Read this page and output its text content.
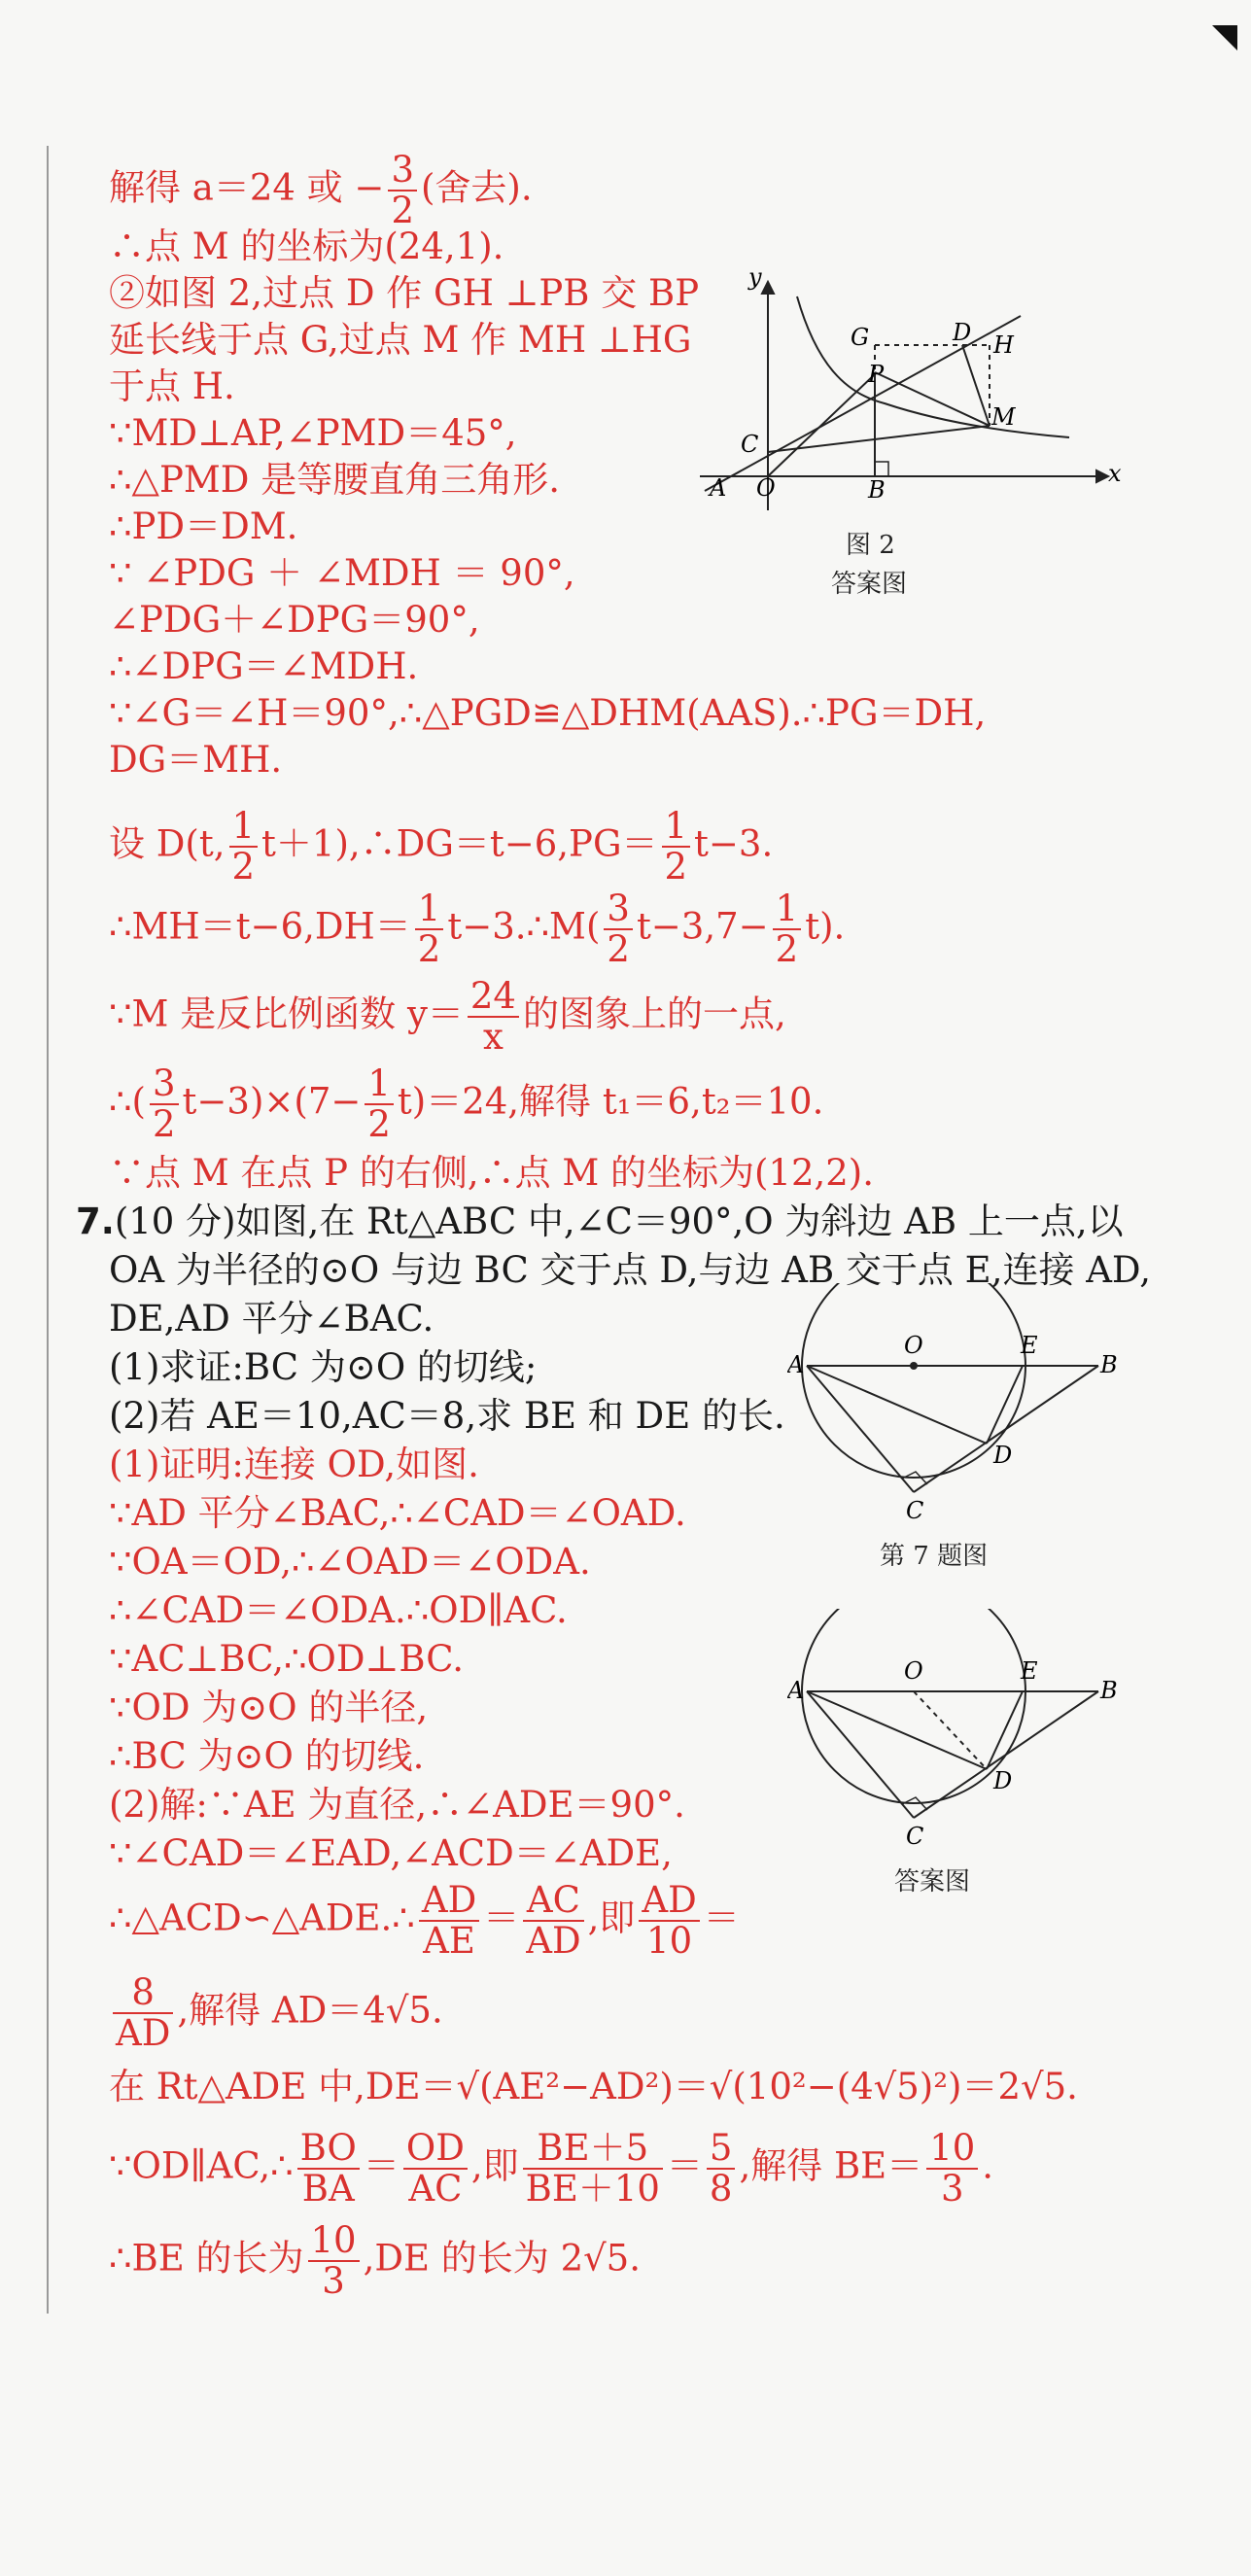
解得 a＝24 或 − $\frac{3}{2}$ (舍去).
∴点 M 的坐标为(24,1).
②如图 2,过点 D 作 GH ⊥PB 交 BP
延长线于点 G,过点 M 作 MH ⊥HG
于点 H.
∵MD⊥AP,∠PMD＝45°,
∴△PMD 是等腰直角三角形.
∴PD＝DM.
∵ ∠PDG ＋ ∠MDH ＝ 90°,
∠PDG＋∠DPG＝90°,
∴∠DPG＝∠MDH.
∵∠G＝∠H＝90°,∴△PGD≌△DHM(AAS).∴PG＝DH,
DG＝MH.
设 D(t, $\frac{1}{2}$ t＋1),∴DG＝t−6,PG＝ $\frac{1}{2} t-3$.
∴MH＝t−6,DH＝ $\frac{1}{2}$ t−3.∴M( $\frac{3}{2} t-3,7- \frac{1}{2} t$).
∵M 是反比例函数 $y= \frac{24}{x}$ 的图象上的一点,
∴( $\frac{3}{2} t-3)\times(7- \frac{1}{2} t)=24$,解得 t₁＝6,t₂＝10.
∵点 M 在点 P 的右侧,∴点 M 的坐标为(12,2).
7.(10 分)如图,在 Rt△ABC 中,∠C＝90°,O 为斜边 AB 上一点,以
OA 为半径的⊙O 与边 BC 交于点 D,与边 AB 交于点 E,连接 AD,
DE,AD 平分∠BAC.
(1)求证:BC 为⊙O 的切线;
(2)若 AE＝10,AC＝8,求 BE 和 DE 的长.
(1)证明:连接 OD,如图.
∵AD 平分∠BAC,∴∠CAD＝∠OAD.
∵OA＝OD,∴∠OAD＝∠ODA.
∴∠CAD＝∠ODA.∴OD∥AC.
∵AC⊥BC,∴OD⊥BC.
∵OD 为⊙O 的半径,
∴BC 为⊙O 的切线.
(2)解:∵AE 为直径,∴∠ADE＝90°.
∵∠CAD＝∠EAD,∠ACD＝∠ADE,
∴△ACD∽△ADE.∴ $\frac{AD}{AE} = \frac{AC}{AD}$ ,即 $\frac{AD}{10}$ ＝
$\frac{8}{AD}$ ,解得 AD＝4√5.
在 Rt△ADE 中,DE＝√(AE²−AD²)＝√(10²−(4√5)²)＝2√5.
∵OD∥AC,∴ $\frac{BO}{BA} = \frac{OD}{AC}$ ,即 $\frac{BE+5}{BE+10} = \frac{5}{8}$ ,解得 $BE= \frac{10}{3}$ .
∴BE 的长为 $\frac{10}{3} ,DE$ 的长为 2√5.
y
x
G	D H
P
M
C
A O	B
图 2
答案图
O	E
A	B
D
C
第 7 题图
O	E
A	B
D
C
答案图
